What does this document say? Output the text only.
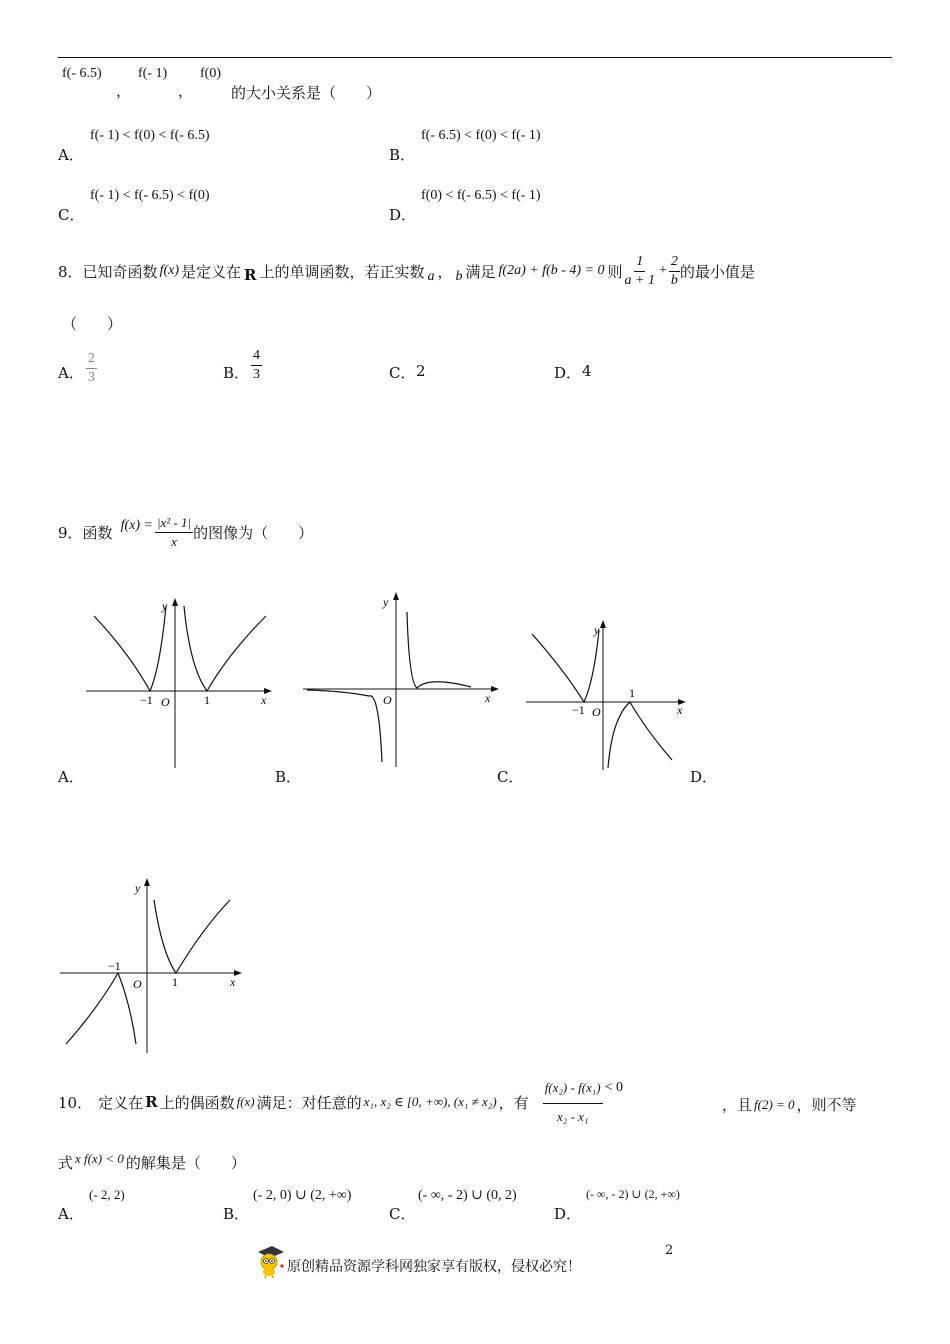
f(- 6.5)
，
f(- 1)
，
f(0)
的大小关系是（　　）
A．
f(- 1) < f(0) < f(- 6.5)
B．
f(- 6.5) < f(0) < f(- 1)
C．
f(- 1) < f(- 6.5) < f(0)
D．
f(0) < f(- 6.5) < f(- 1)
8． 已知奇函数 f(x) 是定义在 R 上的单调函数，若正实数 a ， b 满足 f(2a) + f(b - 4) = 0 则 $\frac{1}{a + 1} + \frac{2}{b}$ 的最小值是
（　　）
A． $\frac{2}{3}$	B． $\frac{4}{3}$	C． 2	D． 4
9． 函数 $f(x) = \frac{\text{|x² - 1|}}{x}$ 的图像为（　　）
y
x
O
−1	1
A．
y
x
O
B．
y
x
O
−1
1
C．	D．
y
x
O
−1
1
10． 定义在 R 上的偶函数 f(x) 满足：对任意的 x₁, x₂ ∈ [0, +∞), (x₁ ≠ x₂) ，有 $\frac{\text{f(x₂) - f(x₁)}}{\text{x₂ - x₁}} < 0$
，且 f(2) = 0 ，则不等
式 x f(x) < 0 的解集是（　　）
A．
(- 2, 2)
B．
(- 2, 0) ∪ (2, +∞)
C．
(- ∞, - 2) ∪ (0, 2)
D．
(- ∞, - 2) ∪ (2, +∞)
原创精品资源学科网独家享有版权，侵权必究！
2
